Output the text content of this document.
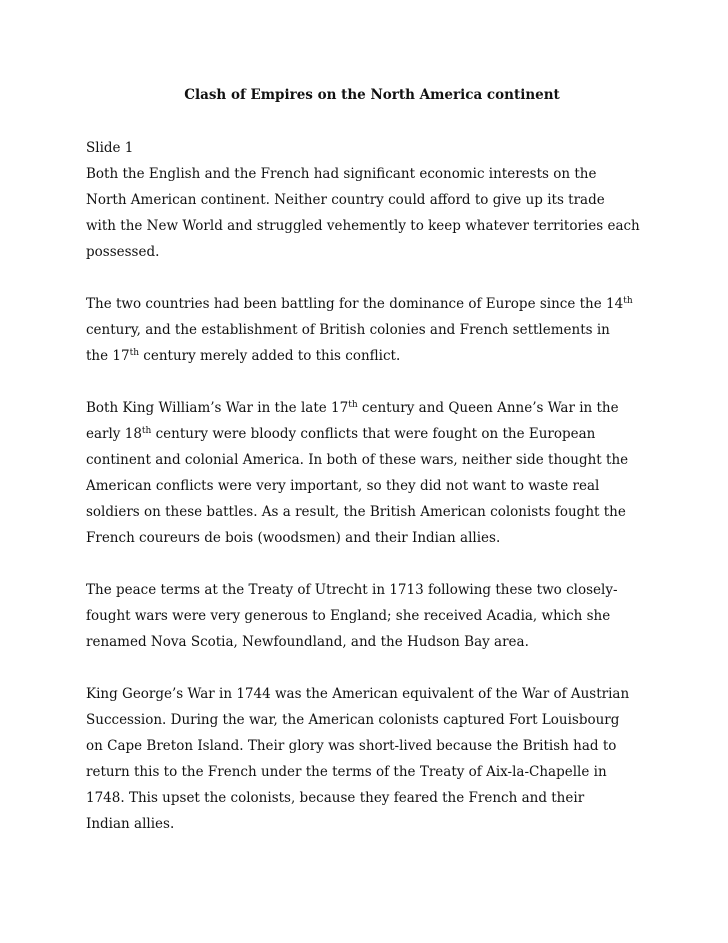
Clash of Empires on the North America continent
Slide 1
Both the English and the French had significant economic interests on the
North American continent. Neither country could afford to give up its trade
with the New World and struggled vehemently to keep whatever territories each
possessed.
The two countries had been battling for the dominance of Europe since the 14th
century, and the establishment of British colonies and French settlements in
the 17th century merely added to this conflict.
Both King William’s War in the late 17th century and Queen Anne’s War in the
early 18th century were bloody conflicts that were fought on the European
continent and colonial America. In both of these wars, neither side thought the
American conflicts were very important, so they did not want to waste real
soldiers on these battles. As a result, the British American colonists fought the
French coureurs de bois (woodsmen) and their Indian allies.
The peace terms at the Treaty of Utrecht in 1713 following these two closely-
fought wars were very generous to England; she received Acadia, which she
renamed Nova Scotia, Newfoundland, and the Hudson Bay area.
King George’s War in 1744 was the American equivalent of the War of Austrian
Succession. During the war, the American colonists captured Fort Louisbourg
on Cape Breton Island. Their glory was short-lived because the British had to
return this to the French under the terms of the Treaty of Aix-la-Chapelle in
1748. This upset the colonists, because they feared the French and their
Indian allies.
